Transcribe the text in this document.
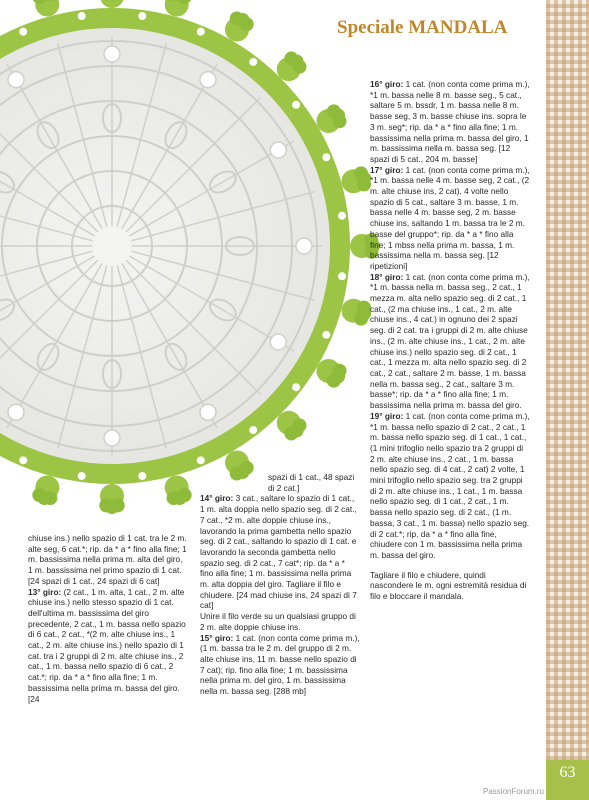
Speciale MANDALA

chiuse ins.) nello spazio di 1 cat. tra le 2 m. alte seg, 6 cat.*; rip. da * a * fino alla fine; 1 m. bassissima nella prima m. alta del giro, 1 m. bassissima nel primo spazio di 1 cat. [24 spazi di 1 cat., 24 spazi di 6 cat]

13° giro: (2 cat., 1 m. alta, 1 cat., 2 m. alte chiuse ins.) nello stesso spazio di 1 cat. dell'ultima m. bassissima del giro precedente, 2 cat., 1 m. bassa nello spazio di 6 cat., 2 cat., *(2 m. alte chiuse ins., 1 cat., 2 m. alte chiuse ins.) nello spazio di 1 cat. tra i 2 gruppi di 2 m. alte chiuse ins., 2 cat., 1 m. bassa nello spazio di 6 cat., 2 cat.*; rip. da * a * fino alla fine; 1 m. bassissima nella prima m. bassa del giro. [24

spazi di 1 cat., 48 spazi di 2 cat.]

14° giro: 3 cat., saltare lo spazio di 1 cat., 1 m. alta doppia nello spazio seg. di 2 cat., 7 cat., *2 m. alte doppie chiuse ins., lavorando la prima gambetta nello spazio seg. di 2 cat., saltando lo spazio di 1 cat. e lavorando la seconda gambetta nello spazio seg. di 2 cat., 7 cat*; rip. da * a * fino alla fine; 1 m. bassissima nella prima m. alta doppia del giro. Tagliare il filo e chiudere. [24 mad chiuse ins, 24 spazi di 7 cat]

Unire il filo verde su un qualsiasi gruppo di 2 m. alte doppie chiuse ins.

15° giro: 1 cat. (non conta come prima m.), (1 m. bassa tra le 2 m. del gruppo di 2 m. alte chiuse ins, 11 m. basse nello spazio di 7 cat); rip. fino alla fine; 1 m. bassissima nella prima m. del giro, 1 m. bassissima nella m. bassa seg. [288 mb]

16° giro: 1 cat. (non conta come prima m.), *1 m. bassa nelle 8 m. basse seg., 5 cat., saltare 5 m. bssdr, 1 m. bassa nelle 8 m. basse seg, 3 m. basse chiuse ins. sopra le 3 m. seg*; rip. da * a * fino alla fine; 1 m. bassissima nella prima m. bassa del giro, 1 m. bassissima nella m. bassa seg. [12 spazi di 5 cat., 204 m. basse]

17° giro: 1 cat. (non conta come prima m.), *1 m. bassa nelle 4 m. basse seg, 2 cat., (2 m. alte chiuse ins, 2 cat), 4 volte nello spazio di 5 cat., saltare 3 m. basse, 1 m. bassa nelle 4 m. basse seg, 2 m. basse chiuse ins, saltando 1 m. bassa tra le 2 m. basse del gruppo*; rip. da * a * fino alla fine; 1 mbss nella prima m. bassa, 1 m. bassissima nella m. bassa seg. [12 ripetizioni]

18° giro: 1 cat. (non conta come prima m.), *1 m. bassa nella m. bassa seg., 2 cat., 1 mezza m. alta nello spazio seg. di 2 cat., 1 cat., (2 ma chiuse ins., 1 cat., 2 m. alte chiuse ins., 4 cat.) in ognuno dei 2 spazi seg. di 2 cat. tra i gruppi di 2 m. alte chiuse ins., (2 m. alte chiuse ins., 1 cat., 2 m. alte chiuse ins.) nello spazio seg. di 2 cat., 1 cat., 1 mezza m. alta nello spazio seg. di 2 cat., 2 cat., saltare 2 m. basse, 1 m. bassa nella m. bassa seg., 2 cat., saltare 3 m. basse*; rip. da * a * fino alla fine; 1 m. bassissima nella prima m. bassa del giro.

19° giro: 1 cat. (non conta come prima m.), *1 m. bassa nello spazio di 2 cat., 2 cat., 1 m. bassa nello spazio seg. di 1 cat., 1 cat., (1 mini trifoglio nello spazio tra 2 gruppi di 2 m. alte chiuse ins., 2 cat., 1 m. bassa nello spazio seg. di 4 cat., 2 cat) 2 volte, 1 mini trifoglio nello spazio seg. tra 2 gruppi di 2 m. alte chiuse ins., 1 cat., 1 m. bassa nello spazio seg. di 1 cat., 2 cat., 1 m. bassa nello spazio seg. di 2 cat., (1 m. bassa, 3 cat., 1 m. bassa) nello spazio seg. di 2 cat.*; rip. da * a * fino alla fine, chiudere con 1 m. bassissima nella prima m. bassa del giro.

Tagliare il filo e chiudere, quindi nascondere le m. ogni estremità residua di filo e bloccare il mandala.

63
PassionForum.ru
